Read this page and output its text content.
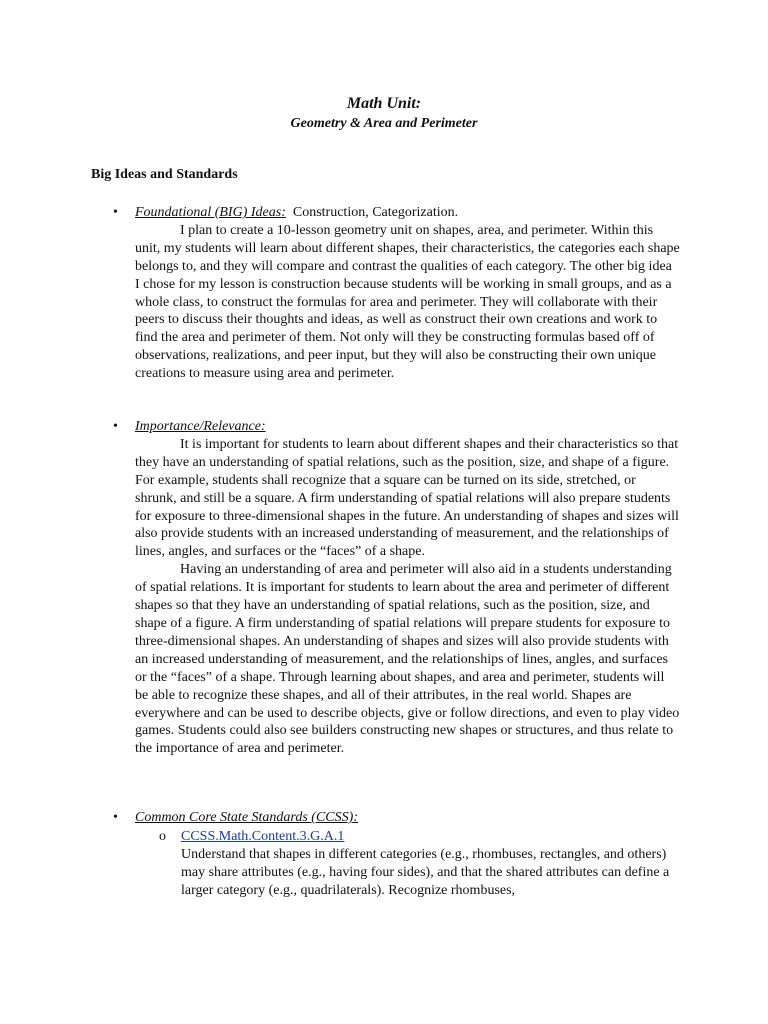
Math Unit:
Geometry & Area and Perimeter
Big Ideas and Standards
•	Foundational (BIG) Ideas:  Construction, Categorization.

I plan to create a 10-lesson geometry unit on shapes, area, and perimeter. Within this unit, my students will learn about different shapes, their characteristics, the categories each shape belongs to, and they will compare and contrast the qualities of each category. The other big idea I chose for my lesson is construction because students will be working in small groups, and as a whole class, to construct the formulas for area and perimeter. They will collaborate with their peers to discuss their thoughts and ideas, as well as construct their own creations and work to find the area and perimeter of them. Not only will they be constructing formulas based off of observations, realizations, and peer input, but they will also be constructing their own unique creations to measure using area and perimeter.

•	Importance/Relevance:

It is important for students to learn about different shapes and their characteristics so that they have an understanding of spatial relations, such as the position, size, and shape of a figure. For example, students shall recognize that a square can be turned on its side, stretched, or shrunk, and still be a square. A firm understanding of spatial relations will also prepare students for exposure to three-dimensional shapes in the future. An understanding of shapes and sizes will also provide students with an increased understanding of measurement, and the relationships of lines, angles, and surfaces or the “faces” of a shape.

Having an understanding of area and perimeter will also aid in a students understanding of spatial relations. It is important for students to learn about the area and perimeter of different shapes so that they have an understanding of spatial relations, such as the position, size, and shape of a figure. A firm understanding of spatial relations will prepare students for exposure to three-dimensional shapes. An understanding of shapes and sizes will also provide students with an increased understanding of measurement, and the relationships of lines, angles, and surfaces or the “faces” of a shape. Through learning about shapes, and area and perimeter, students will be able to recognize these shapes, and all of their attributes, in the real world. Shapes are everywhere and can be used to describe objects, give or follow directions, and even to play video games. Students could also see builders constructing new shapes or structures, and thus relate to the importance of area and perimeter.

•	Common Core State Standards (CCSS):
o	CCSS.Math.Content.3.G.A.1

Understand that shapes in different categories (e.g., rhombuses, rectangles, and others) may share attributes (e.g., having four sides), and that the shared attributes can define a larger category (e.g., quadrilaterals). Recognize rhombuses,
